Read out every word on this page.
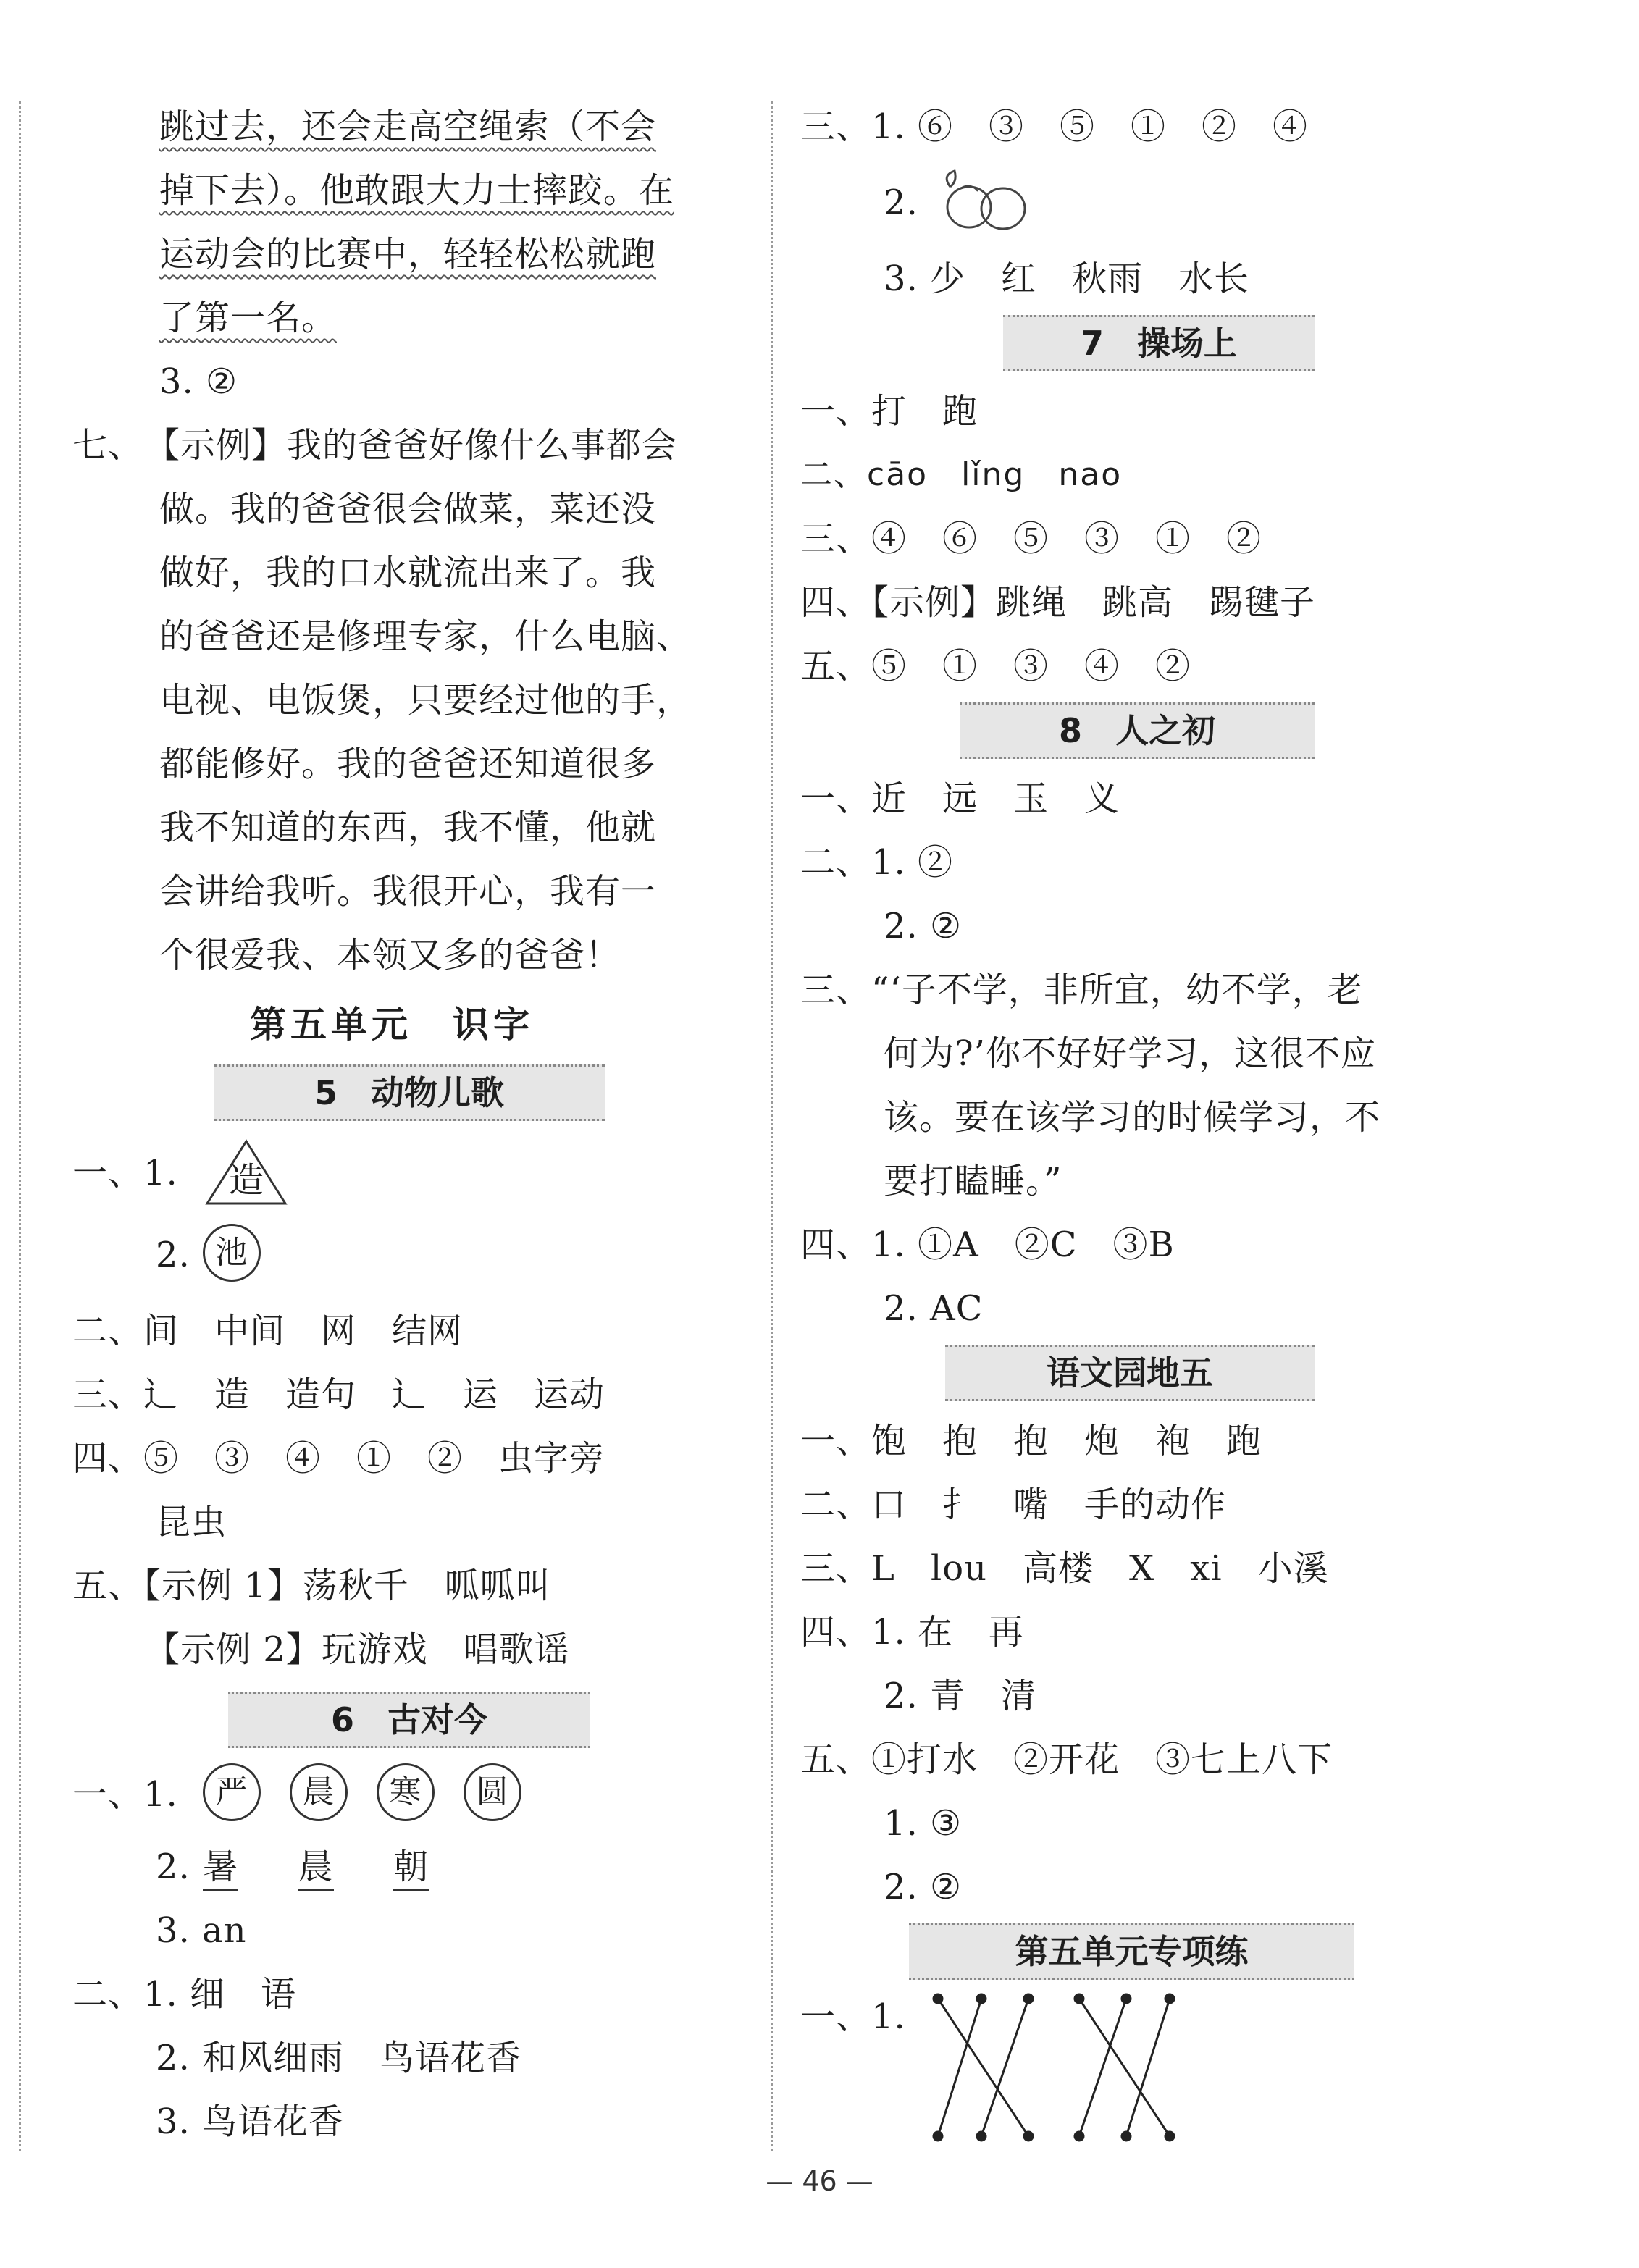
跳过去，还会走高空绳索（不会
掉下去）。他敢跟大力士摔跤。在
运动会的比赛中，轻轻松松就跑
了第一名。
3. ②
七、 【示例】我的爸爸好像什么事都会
做。我的爸爸很会做菜，菜还没
做好，我的口水就流出来了。我
的爸爸还是修理专家，什么电脑、
电视、电饭煲，只要经过他的手，
都能修好。我的爸爸还知道很多
我不知道的东西，我不懂，他就
会讲给我听。我很开心，我有一
个很爱我、本领又多的爸爸！
第五单元　识字
5　动物儿歌
一、1. 造
2. 池
二、间　中间　网　结网
三、辶　造　造句　辶　运　运动
四、⑤　③　④　①　②　虫字旁
昆虫
五、【示例 1】荡秋千　呱呱叫
【示例 2】玩游戏　唱歌谣
6　古对今
一、1.	严 晨 寒 圆
2. 暑 晨 朝
3. an
二、1. 细　语
2. 和风细雨　鸟语花香
3. 鸟语花香
三、1. ⑥　③　⑤　①　②　④
2.
3. 少　红　秋雨　水长
7　操场上
一、打　跑
二、cāo　lǐng　nao
三、④　⑥　⑤　③　①　②
四、【示例】跳绳　跳高　踢毽子
五、⑤　①　③　④　②
8　人之初
一、近　远　玉　义
二、1. ②
2. ②
三、“‘子不学，非所宜，幼不学，老
何为?’你不好好学习，这很不应
该。要在该学习的时候学习，不
要打瞌睡。”
四、1. ①A　②C　③B
2. AC
语文园地五
一、饱　抱　抱　炮　袍　跑
二、口　扌　嘴　手的动作
三、L　lou　高楼　X　xi　小溪
四、1. 在　再
2. 青　清
五、①打水　②开花　③七上八下
1. ③
2. ②
第五单元专项练
一、1.
— 46 —
